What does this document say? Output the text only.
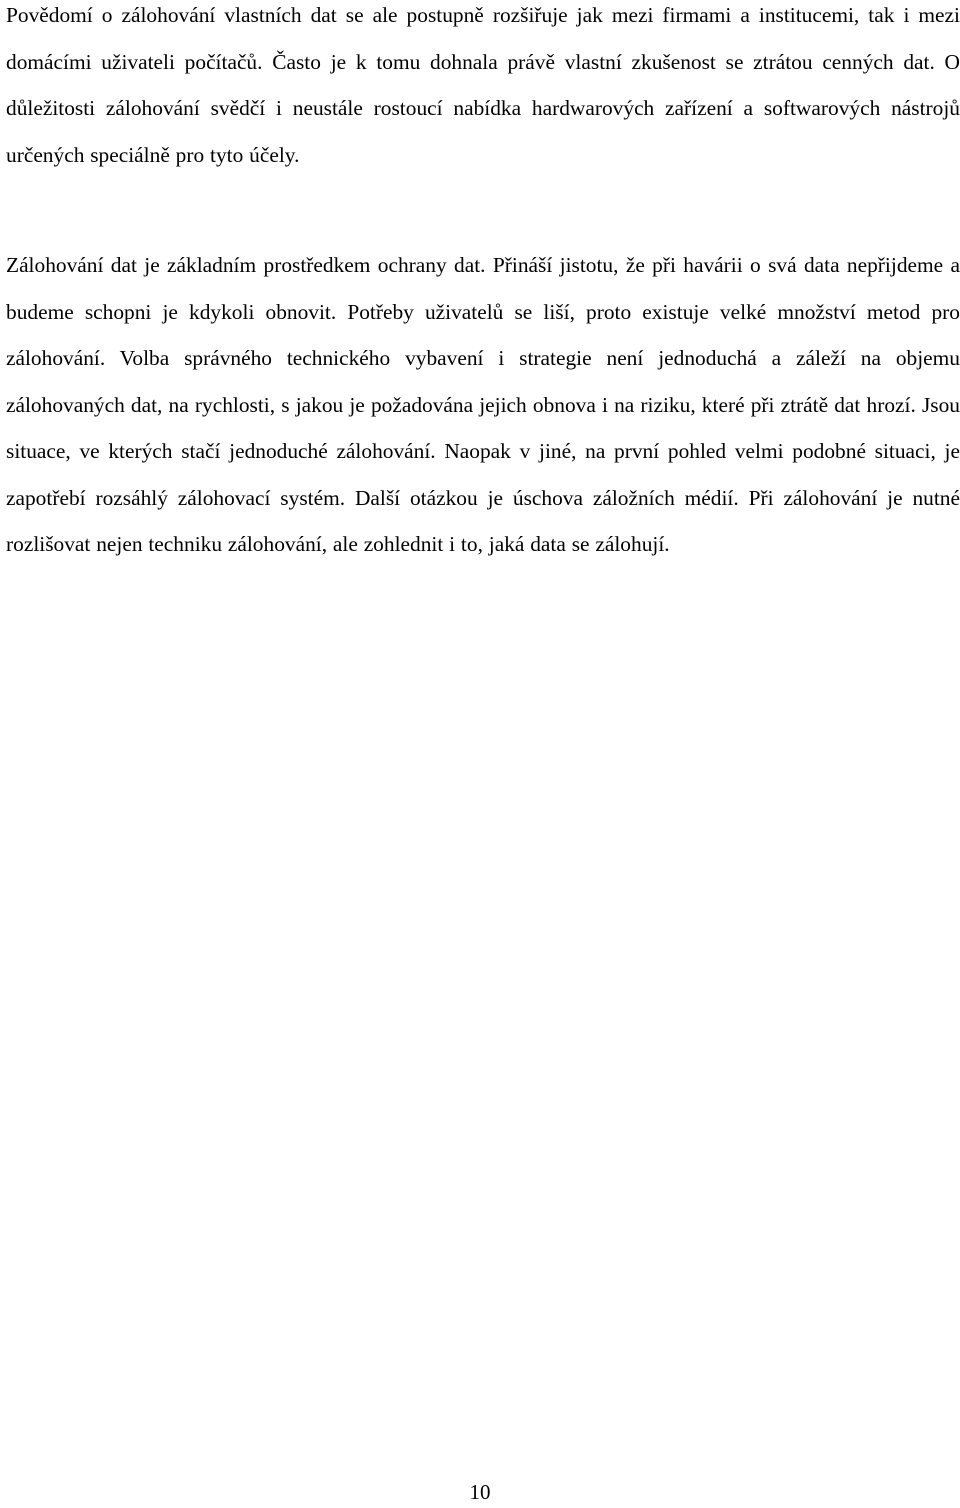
Povědomí o zálohování vlastních dat se ale postupně rozšiřuje jak mezi firmami a institucemi, tak i mezi domácími uživateli počítačů. Často je k tomu dohnala právě vlastní zkušenost se ztrátou cenných dat. O důležitosti zálohování svědčí i neustále rostoucí nabídka hardwarových zařízení a softwarových nástrojů určených speciálně pro tyto účely.

Zálohování dat je základním prostředkem ochrany dat. Přináší jistotu, že při havárii o svá data nepřijdeme a budeme schopni je kdykoli obnovit. Potřeby uživatelů se liší, proto existuje velké množství metod pro zálohování. Volba správného technického vybavení i strategie není jednoduchá a záleží na objemu zálohovaných dat, na rychlosti, s jakou je požadována jejich obnova i na riziku, které při ztrátě dat hrozí. Jsou situace, ve kterých stačí jednoduché zálohování. Naopak v jiné, na první pohled velmi podobné situaci, je zapotřebí rozsáhlý zálohovací systém. Další otázkou je úschova záložních médií. Při zálohování je nutné rozlišovat nejen techniku zálohování, ale zohlednit i to, jaká data se zálohují.

10
